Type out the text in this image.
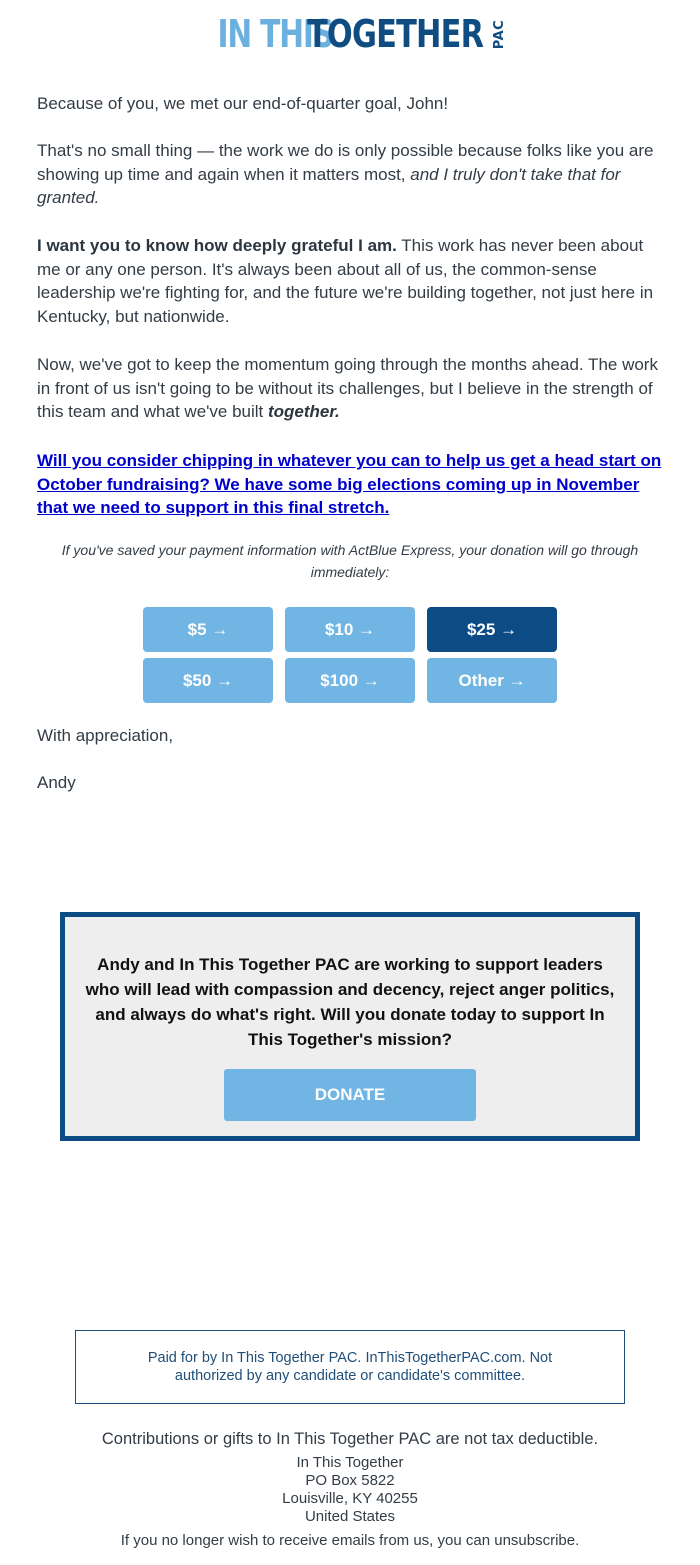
IN THIS
TOGETHER PAC

Because of you, we met our end-of-quarter goal, John!

That's no small thing — the work we do is only possible because folks like you are showing up time and again when it matters most, and I truly don't take that for granted.

I want you to know how deeply grateful I am. This work has never been about me or any one person. It's always been about all of us, the common-sense leadership we're fighting for, and the future we're building together, not just here in Kentucky, but nationwide.

Now, we've got to keep the momentum going through the months ahead. The work in front of us isn't going to be without its challenges, but I believe in the strength of this team and what we've built together.

Will you consider chipping in whatever you can to help us get a head start on October fundraising? We have some big elections coming up in November that we need to support in this final stretch.

If you've saved your payment information with ActBlue Express, your donation will go through immediately:

$5 →	$10 →	$25 →
$50 →	$100 →	Other →

With appreciation,

Andy

Andy and In This Together PAC are working to support leaders who will lead with compassion and decency, reject anger politics, and always do what's right. Will you donate today to support In This Together's mission?

DONATE
Paid for by In This Together PAC. InThisTogetherPAC.com. Not authorized by any candidate or candidate's committee.

Contributions or gifts to In This Together PAC are not tax deductible.

In This Together

PO Box 5822

Louisville, KY 40255

United States

If you no longer wish to receive emails from us, you can unsubscribe.
